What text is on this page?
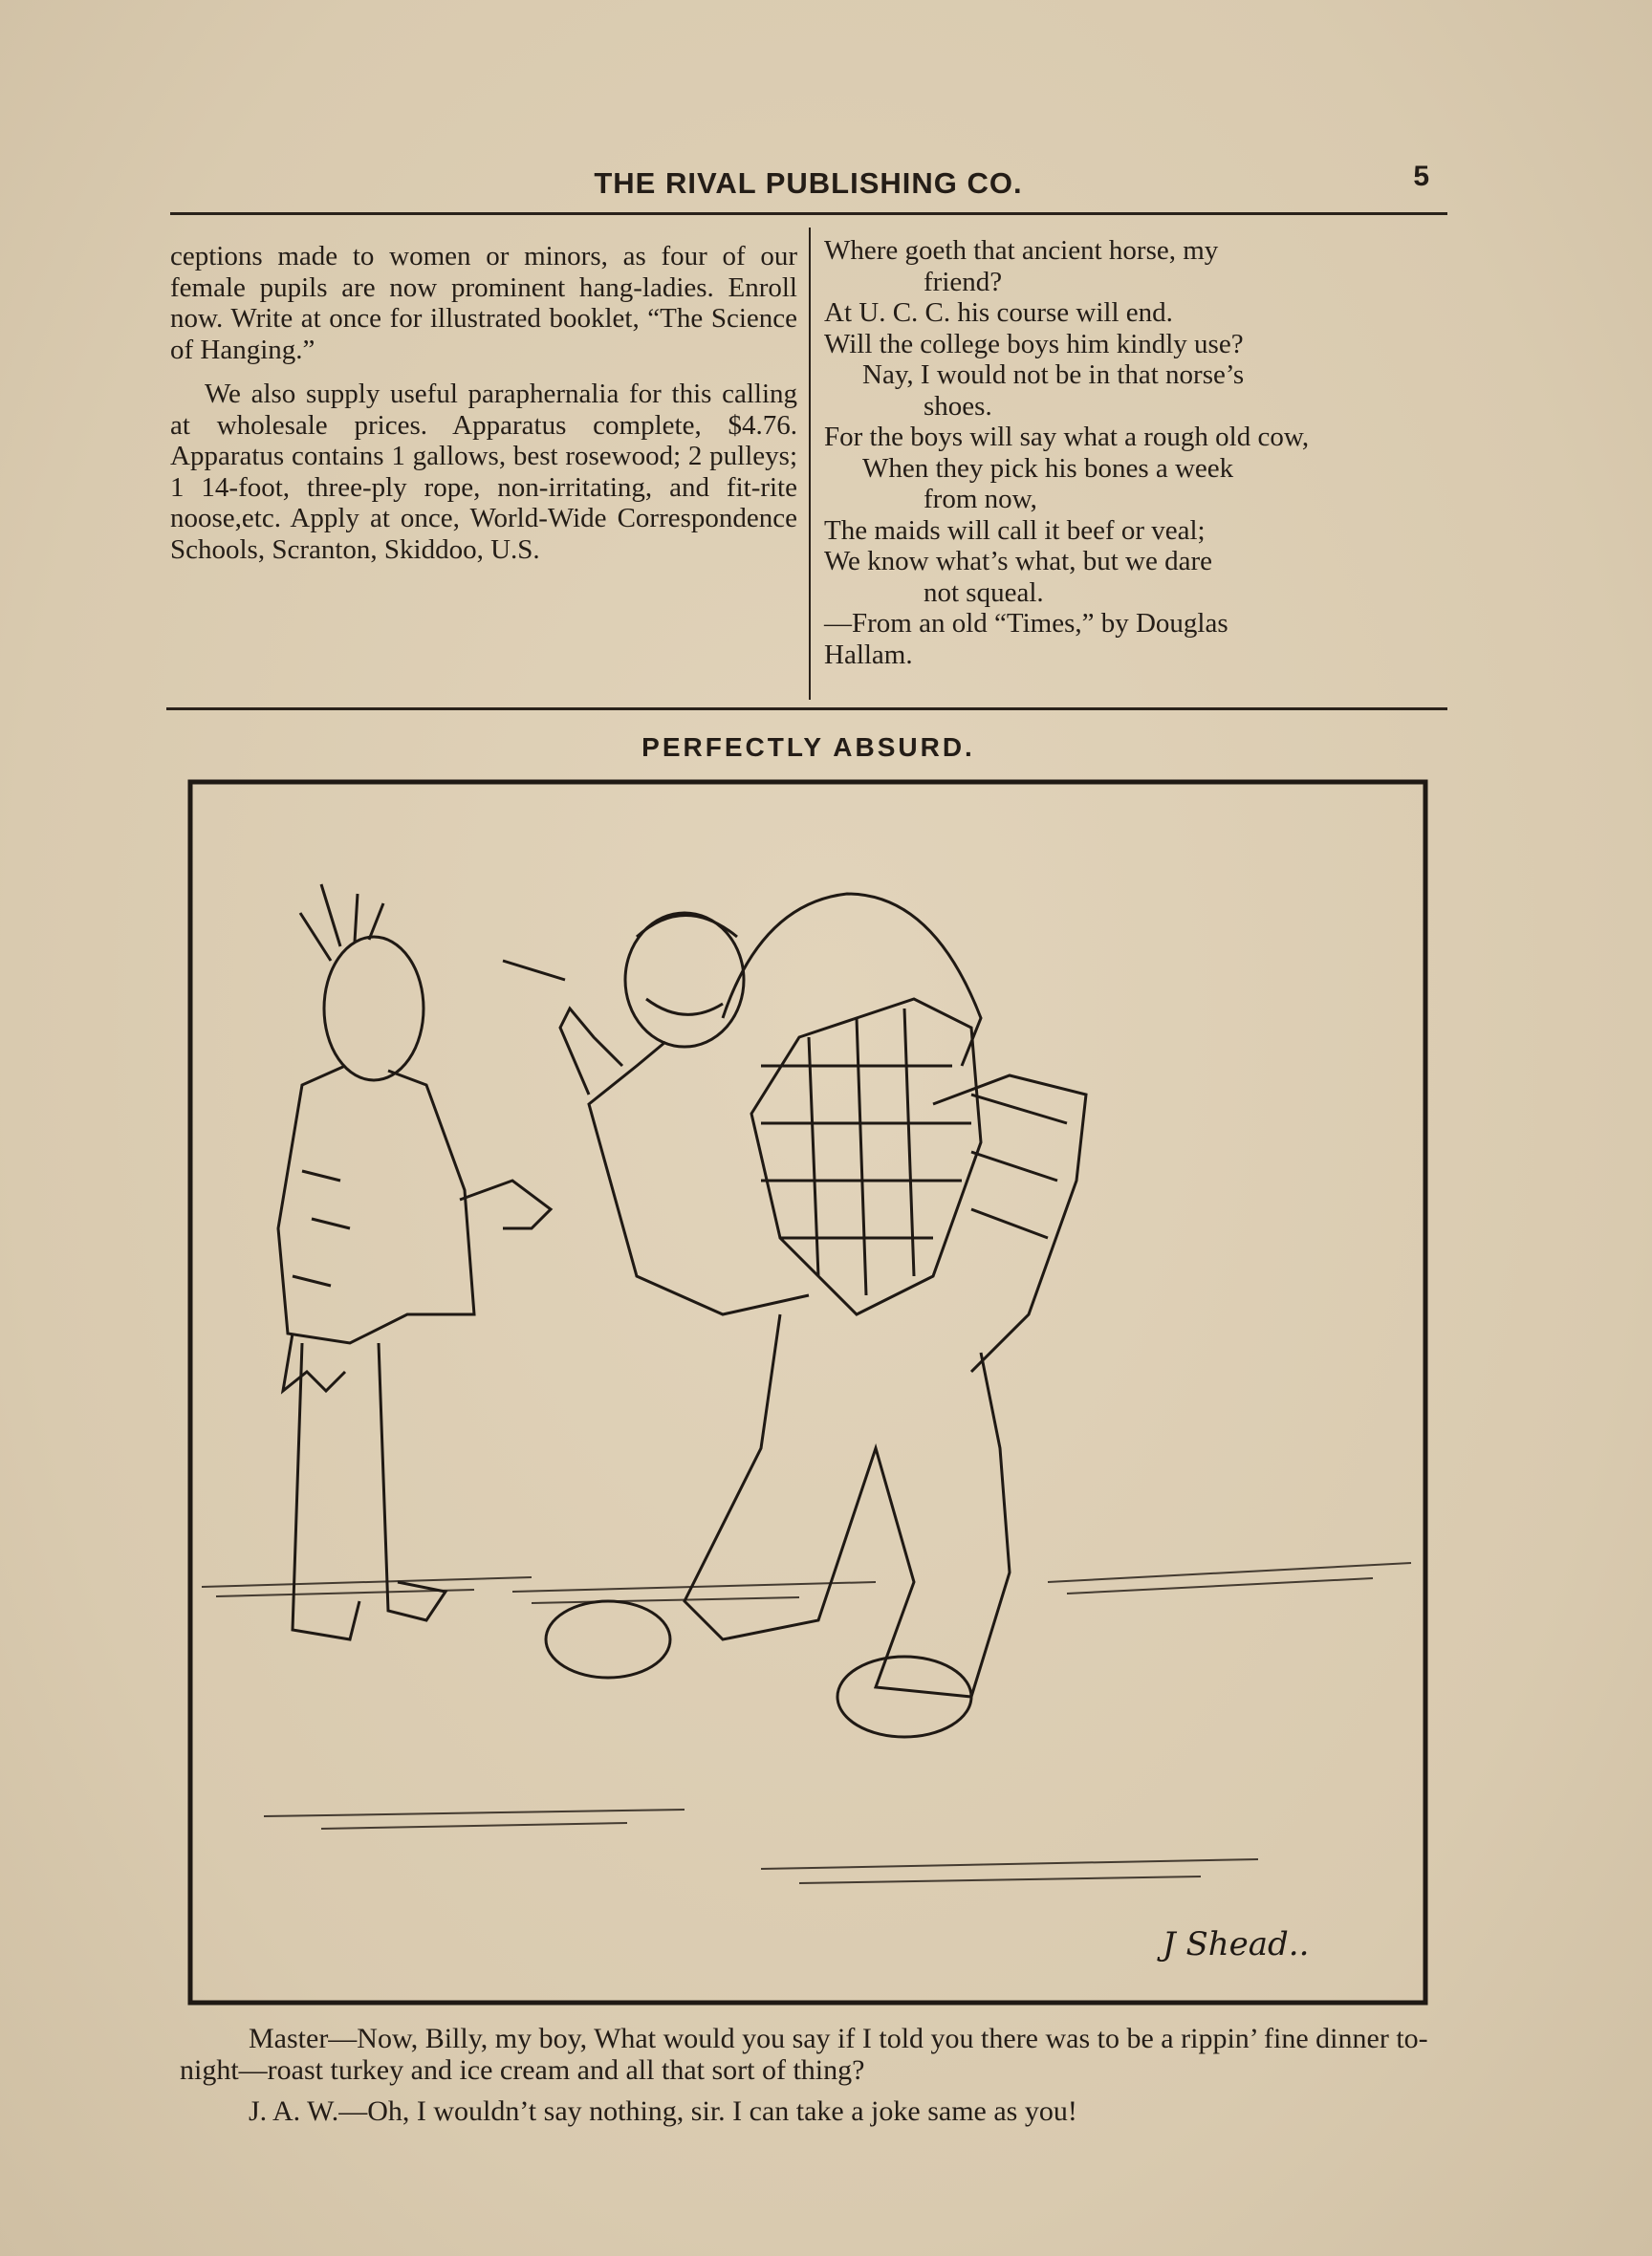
THE RIVAL PUBLISHING CO.	5

ceptions made to women or minors, as four of our female pupils are now prominent hang-ladies. Enroll now. Write at once for illustrated booklet, “The Science of Hanging.”

We also supply useful paraphernalia for this calling at wholesale prices. Apparatus complete, $4.76. Apparatus contains 1 gallows, best rosewood; 2 pulleys; 1 14-foot, three-ply rope, non-irritating, and fit-rite noose,etc. Apply at once, World-Wide Correspondence Schools, Scranton, Skiddoo, U.S.

Where goeth that ancient horse, my
friend?
At U. C. C. his course will end.
Will the college boys him kindly use?
Nay, I would not be in that norse’s
shoes.
For the boys will say what a rough old cow,
When they pick his bones a week
from now,
The maids will call it beef or veal;
We know what’s what, but we dare
not squeal.
—From an old “Times,” by Douglas
Hallam.
PERFECTLY ABSURD.
J Shead..

Master—Now, Billy, my boy, What would you say if I told you there was to be a rippin’ fine dinner to-night—roast turkey and ice cream and all that sort of thing?

J. A. W.—Oh, I wouldn’t say nothing, sir. I can take a joke same as you!
